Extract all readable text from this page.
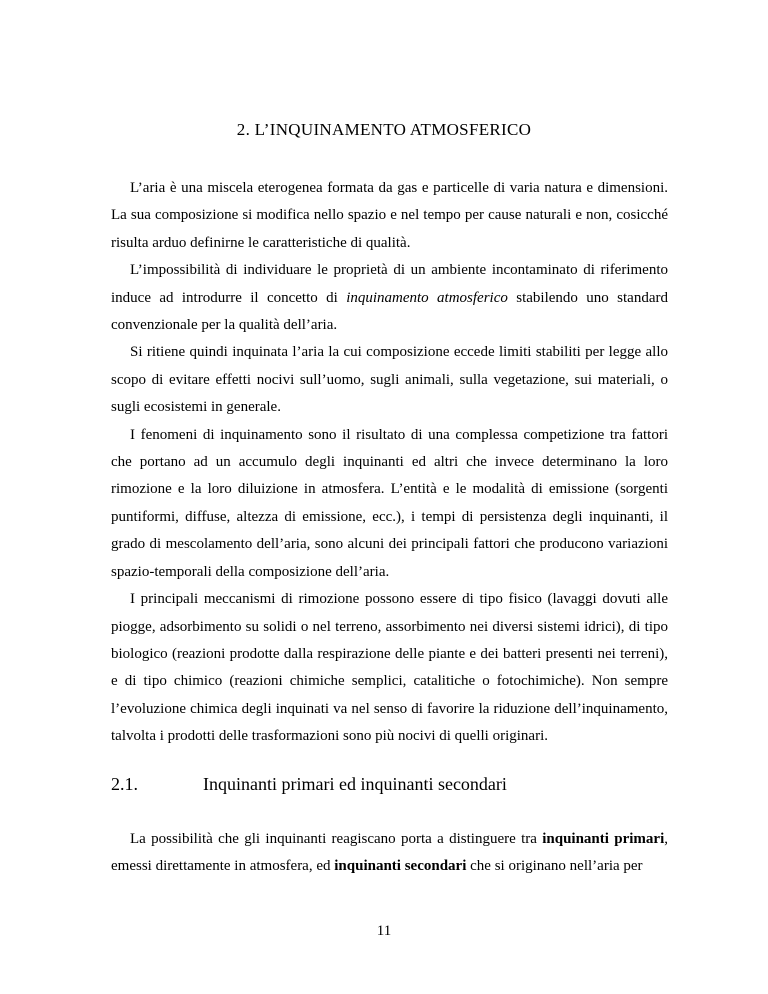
2. L’INQUINAMENTO ATMOSFERICO

L’aria è una miscela eterogenea formata da gas e particelle di varia natura e dimensioni. La sua composizione si modifica nello spazio e nel tempo per cause naturali e non, cosicché risulta arduo definirne le caratteristiche di qualità.

L’impossibilità di individuare le proprietà di un ambiente incontaminato di riferimento induce ad introdurre il concetto di inquinamento atmosferico stabilendo uno standard convenzionale per la qualità dell’aria.

Si ritiene quindi inquinata l’aria la cui composizione eccede limiti stabiliti per legge allo scopo di evitare effetti nocivi sull’uomo, sugli animali, sulla vegetazione, sui materiali, o sugli ecosistemi in generale.

I fenomeni di inquinamento sono il risultato di una complessa competizione tra fattori che portano ad un accumulo degli inquinanti ed altri che invece determinano la loro rimozione e la loro diluizione in atmosfera. L’entità e le modalità di emissione (sorgenti puntiformi, diffuse, altezza di emissione, ecc.), i tempi di persistenza degli inquinanti, il grado di mescolamento dell’aria, sono alcuni dei principali fattori che producono variazioni spazio-temporali della composizione dell’aria.

I principali meccanismi di rimozione possono essere di tipo fisico (lavaggi dovuti alle piogge, adsorbimento su solidi o nel terreno, assorbimento nei diversi sistemi idrici), di tipo biologico (reazioni prodotte dalla respirazione delle piante e dei batteri presenti nei terreni), e di tipo chimico (reazioni chimiche semplici, catalitiche o fotochimiche). Non sempre l’evoluzione chimica degli inquinati va nel senso di favorire la riduzione dell’inquinamento, talvolta i prodotti delle trasformazioni sono più nocivi di quelli originari.

2.1.	Inquinanti primari ed inquinanti secondari

La possibilità che gli inquinanti reagiscano porta a distinguere tra inquinanti primari, emessi direttamente in atmosfera, ed inquinanti secondari che si originano nell’aria per

11
